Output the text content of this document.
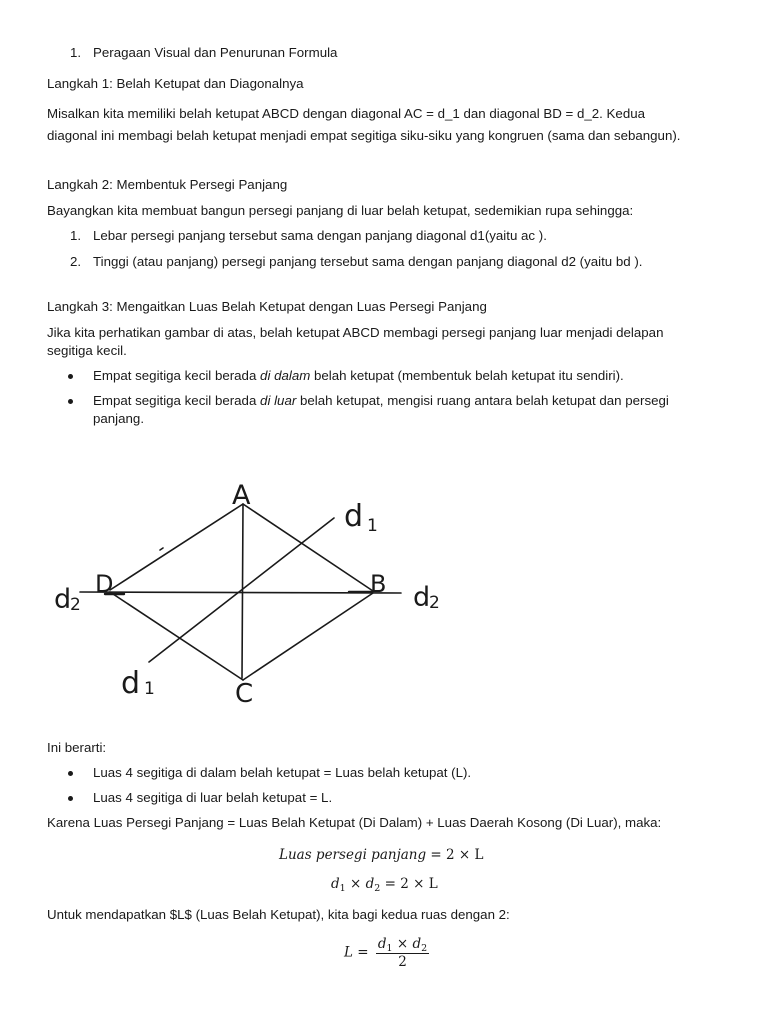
1. Peragaan Visual dan Penurunan Formula
Langkah 1: Belah Ketupat dan Diagonalnya
Misalkan kita memiliki belah ketupat ABCD dengan diagonal AC = d_1 dan diagonal BD = d_2. Kedua
diagonal ini membagi belah ketupat menjadi empat segitiga siku-siku yang kongruen (sama dan sebangun).
Langkah 2: Membentuk Persegi Panjang
Bayangkan kita membuat bangun persegi panjang di luar belah ketupat, sedemikian rupa sehingga:
1. Lebar persegi panjang tersebut sama dengan panjang diagonal d1(yaitu ac ).
2. Tinggi (atau panjang) persegi panjang tersebut sama dengan panjang diagonal d2 (yaitu bd ).
Langkah 3: Mengaitkan Luas Belah Ketupat dengan Luas Persegi Panjang
Jika kita perhatikan gambar di atas, belah ketupat ABCD membagi persegi panjang luar menjadi delapan
segitiga kecil.
Empat segitiga kecil berada di dalam belah ketupat (membentuk belah ketupat itu sendiri).
Empat segitiga kecil berada di luar belah ketupat, mengisi ruang antara belah ketupat dan persegi
panjang.
A
D	B
C
d 1
d 1
d
2	d
2
Ini berarti:
Luas 4 segitiga di dalam belah ketupat = Luas belah ketupat (L).
Luas 4 segitiga di luar belah ketupat = L.
Karena Luas Persegi Panjang = Luas Belah Ketupat (Di Dalam) + Luas Daerah Kosong (Di Luar), maka:
Luas persegi panjang = 2 × L
$d_1 \times d_2 = 2 \times L$
Untuk mendapatkan $L$ (Luas Belah Ketupat), kita bagi kedua ruas dengan 2:
$L = \frac{d_1 \times d_2}{2}$
